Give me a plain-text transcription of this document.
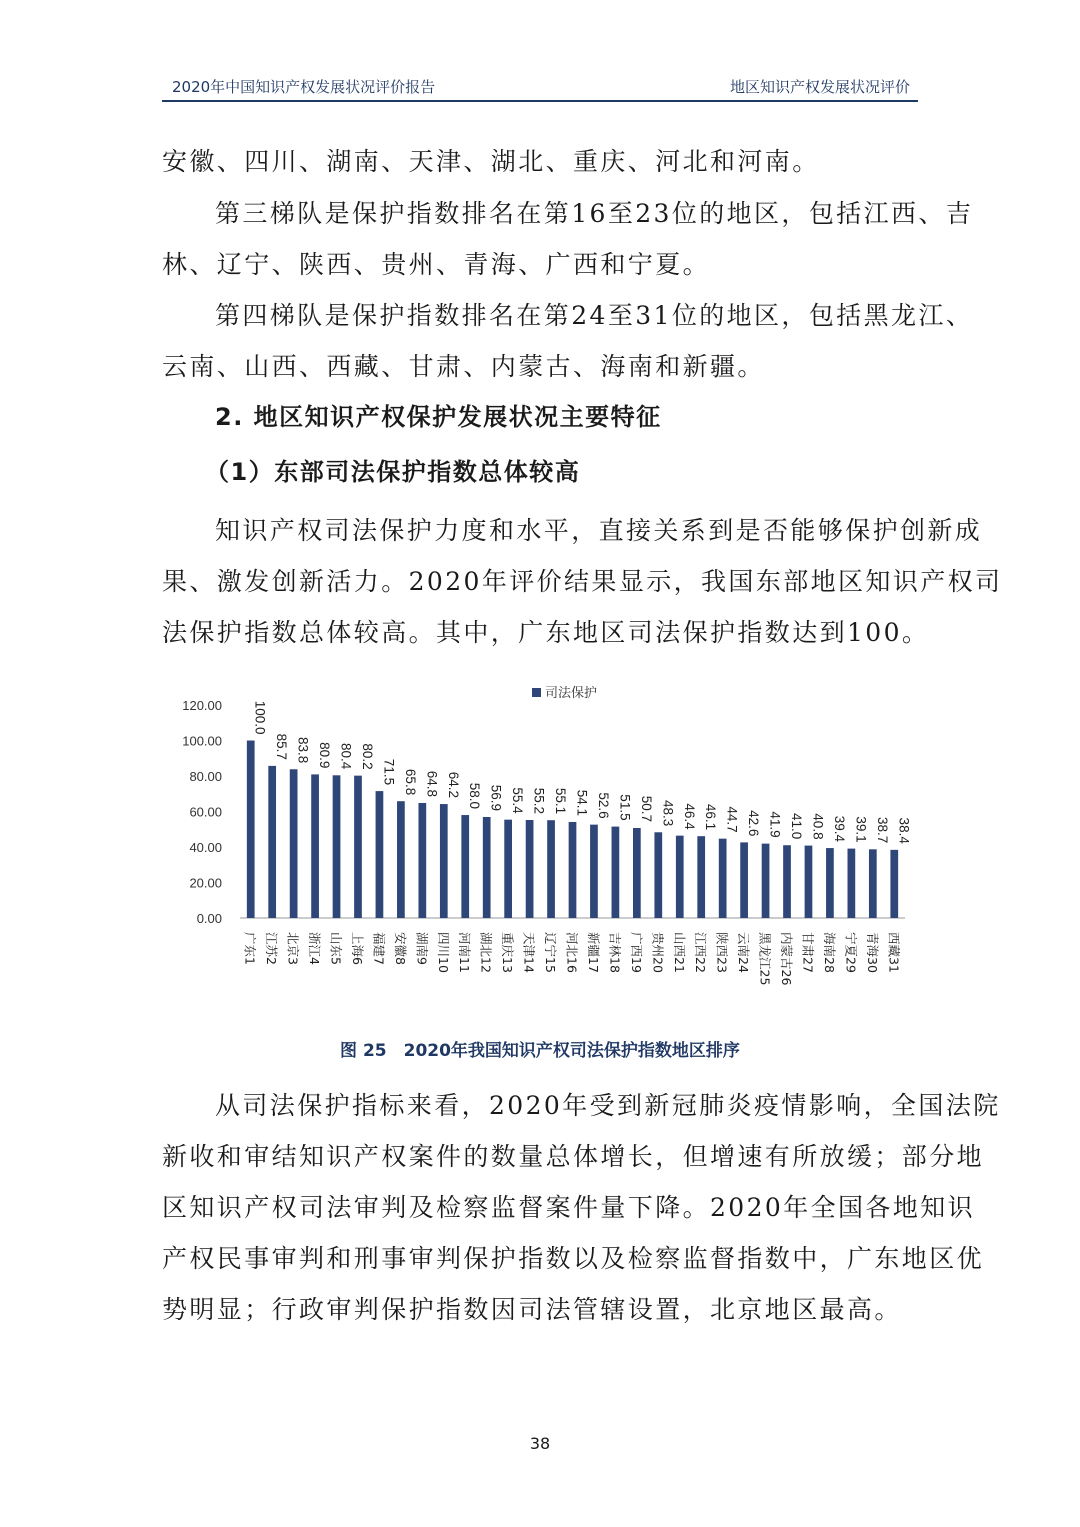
2020年中国知识产权发展状况评价报告	地区知识产权发展状况评价
安徽、四川、湖南、天津、湖北、重庆、河北和河南。
第三梯队是保护指数排名在第16至23位的地区，包括江西、吉
林、辽宁、陕西、贵州、青海、广西和宁夏。
第四梯队是保护指数排名在第24至31位的地区，包括黑龙江、
云南、山西、西藏、甘肃、内蒙古、海南和新疆。
2. 地区知识产权保护发展状况主要特征
（1）东部司法保护指数总体较高
知识产权司法保护力度和水平，直接关系到是否能够保护创新成
果、激发创新活力。2020年评价结果显示，我国东部地区知识产权司
法保护指数总体较高。其中，广东地区司法保护指数达到100。
0.00
20.00
40.00
60.00
80.00
100.00
120.00
司法保护
100.0
广东1
85.7
江苏2
83.8
北京3
80.9
浙江4
80.4
山东5
80.2
上海6
71.5
福建7
65.8
安徽8
64.8
湖南9
64.2
四川10
58.0
河南11
56.9
湖北12
55.4
重庆13
55.2
天津14
55.1
辽宁15
54.1
河北16
52.6
新疆17
51.5
吉林18
50.7
广西19
48.3
贵州20
46.4
山西21
46.1
江西22
44.7
陕西23
42.6
云南24
41.9
黑龙江25
41.0
内蒙古26
40.8
甘肃27
39.4
海南28
39.1
宁夏29
38.7
青海30
38.4
西藏31
图 25　2020年我国知识产权司法保护指数地区排序
从司法保护指标来看，2020年受到新冠肺炎疫情影响，全国法院
新收和审结知识产权案件的数量总体增长，但增速有所放缓；部分地
区知识产权司法审判及检察监督案件量下降。2020年全国各地知识
产权民事审判和刑事审判保护指数以及检察监督指数中，广东地区优
势明显；行政审判保护指数因司法管辖设置，北京地区最高。
38
